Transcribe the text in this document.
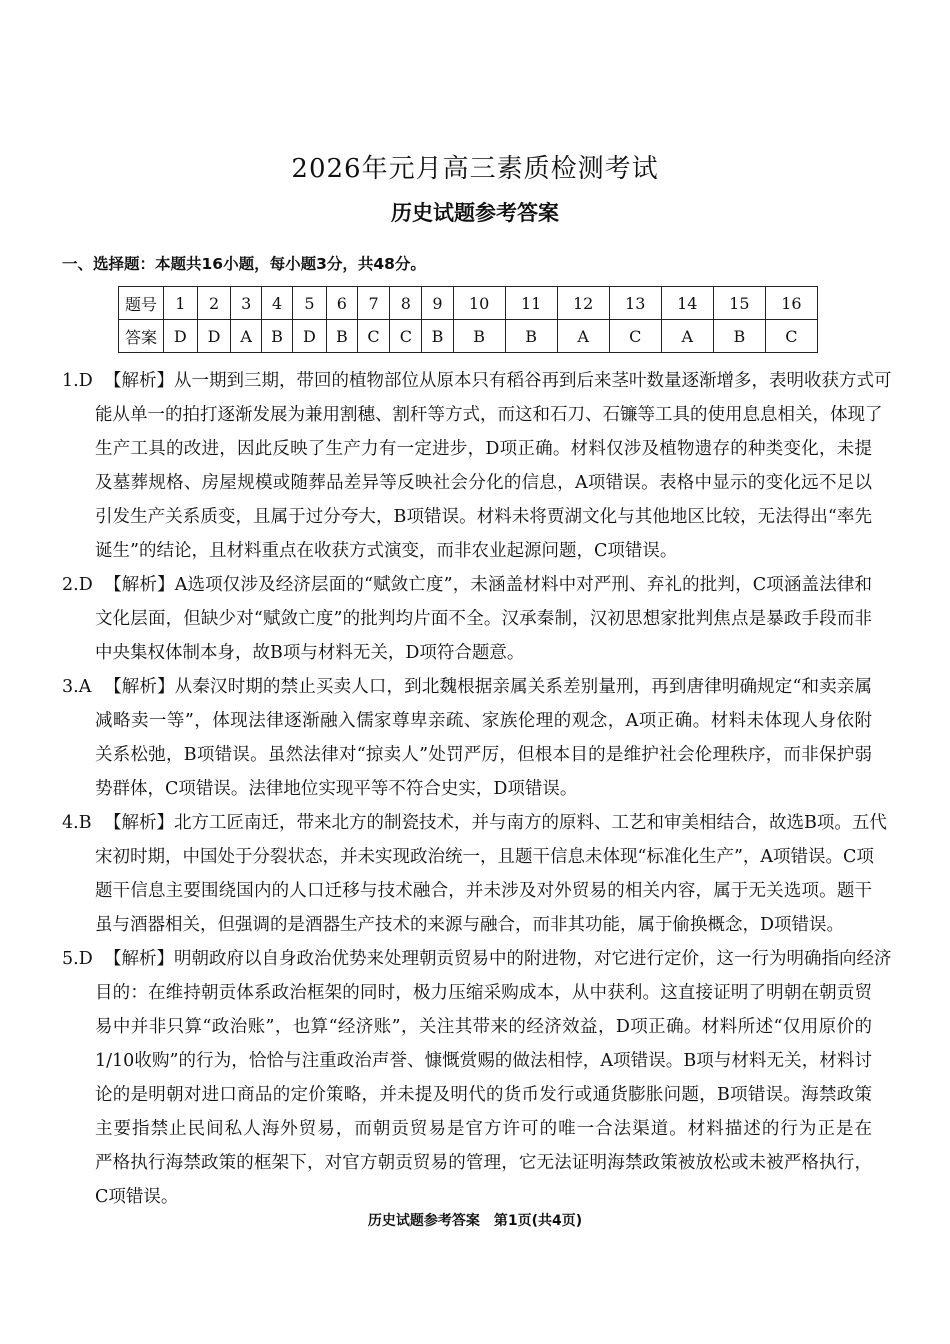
2026年元月高三素质检测考试
历史试题参考答案
一、选择题：本题共16小题，每小题3分，共48分。
题号	1	2	3	4	5	6	7	8	9	10	11	12	13	14	15	16
答案	D	D	A	B	D	B	C	C	B	B	B	A	C	A	B	C
1.D 【解析】从一期到三期，带回的植物部位从原本只有稻谷再到后来茎叶数量逐渐增多，表明收获方式可
能从单一的拍打逐渐发展为兼用割穗、割秆等方式，而这和石刀、石镰等工具的使用息息相关，体现了
生产工具的改进，因此反映了生产力有一定进步，D项正确。材料仅涉及植物遗存的种类变化，未提
及墓葬规格、房屋规模或随葬品差异等反映社会分化的信息，A项错误。表格中显示的变化远不足以
引发生产关系质变，且属于过分夸大，B项错误。材料未将贾湖文化与其他地区比较，无法得出“率先
诞生”的结论，且材料重点在收获方式演变，而非农业起源问题，C项错误。
2.D 【解析】A选项仅涉及经济层面的“赋敛亡度”，未涵盖材料中对严刑、弃礼的批判，C项涵盖法律和
文化层面，但缺少对“赋敛亡度”的批判均片面不全。汉承秦制，汉初思想家批判焦点是暴政手段而非
中央集权体制本身，故B项与材料无关，D项符合题意。
3.A 【解析】从秦汉时期的禁止买卖人口，到北魏根据亲属关系差别量刑，再到唐律明确规定“和卖亲属
减略卖一等”，体现法律逐渐融入儒家尊卑亲疏、家族伦理的观念，A项正确。材料未体现人身依附
关系松弛，B项错误。虽然法律对“掠卖人”处罚严厉，但根本目的是维护社会伦理秩序，而非保护弱
势群体，C项错误。法律地位实现平等不符合史实，D项错误。
4.B 【解析】北方工匠南迁，带来北方的制瓷技术，并与南方的原料、工艺和审美相结合，故选B项。五代
宋初时期，中国处于分裂状态，并未实现政治统一，且题干信息未体现“标准化生产”，A项错误。C项
题干信息主要围绕国内的人口迁移与技术融合，并未涉及对外贸易的相关内容，属于无关选项。题干
虽与酒器相关，但强调的是酒器生产技术的来源与融合，而非其功能，属于偷换概念，D项错误。
5.D 【解析】明朝政府以自身政治优势来处理朝贡贸易中的附进物，对它进行定价，这一行为明确指向经济
目的：在维持朝贡体系政治框架的同时，极力压缩采购成本，从中获利。这直接证明了明朝在朝贡贸
易中并非只算“政治账”，也算“经济账”，关注其带来的经济效益，D项正确。材料所述“仅用原价的
1/10收购”的行为，恰恰与注重政治声誉、慷慨赏赐的做法相悖，A项错误。B项与材料无关，材料讨
论的是明朝对进口商品的定价策略，并未提及明代的货币发行或通货膨胀问题，B项错误。海禁政策
主要指禁止民间私人海外贸易，而朝贡贸易是官方许可的唯一合法渠道。材料描述的行为正是在
严格执行海禁政策的框架下，对官方朝贡贸易的管理，它无法证明海禁政策被放松或未被严格执行，
C项错误。
历史试题参考答案　第1页(共4页)
